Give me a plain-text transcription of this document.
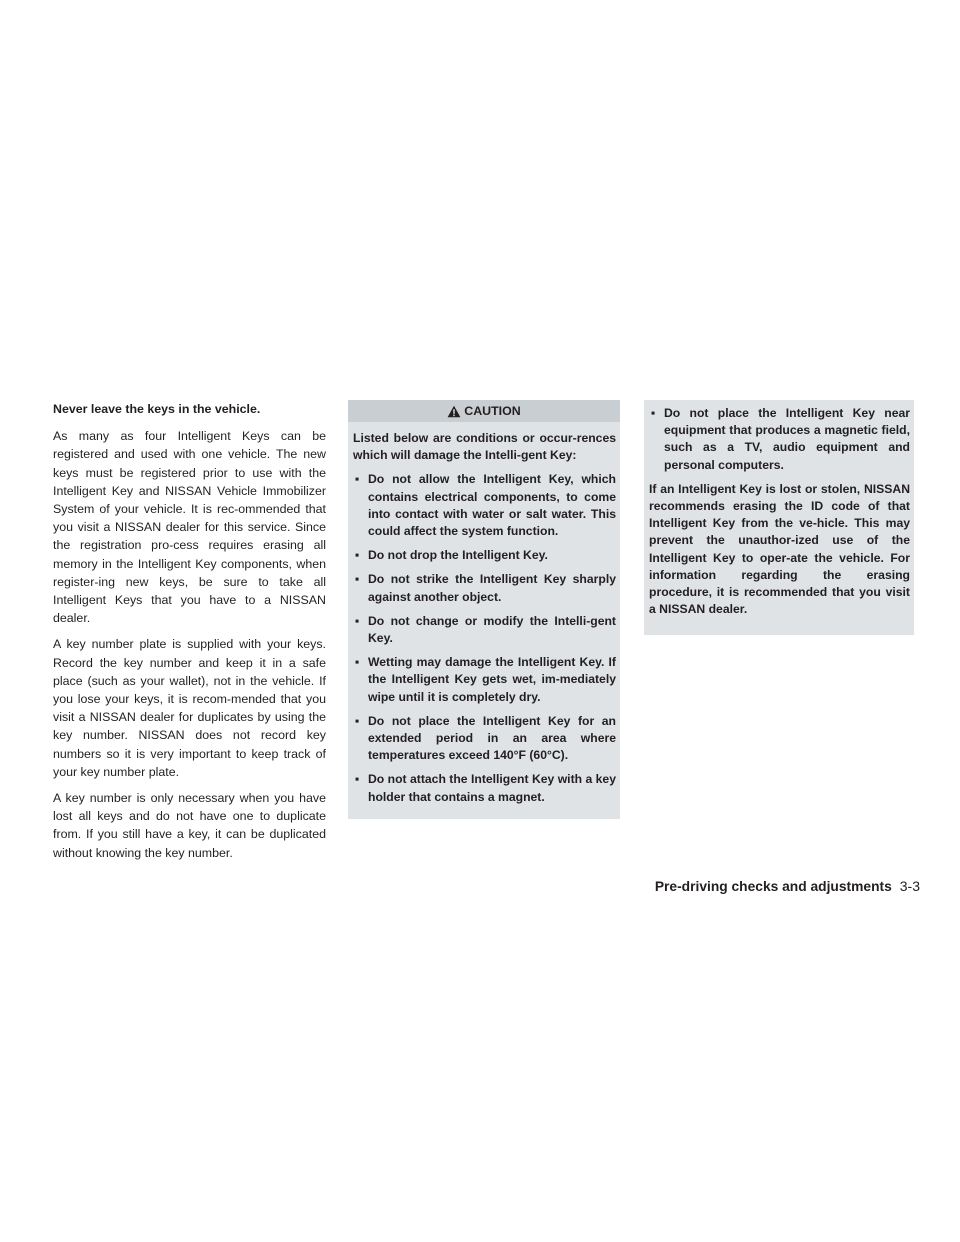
Never leave the keys in the vehicle.

As many as four Intelligent Keys can be registered and used with one vehicle. The new keys must be registered prior to use with the Intelligent Key and NISSAN Vehicle Immobilizer System of your vehicle. It is rec-ommended that you visit a NISSAN dealer for this service. Since the registration pro-cess requires erasing all memory in the Intelligent Key components, when register-ing new keys, be sure to take all Intelligent Keys that you have to a NISSAN dealer.

A key number plate is supplied with your keys. Record the key number and keep it in a safe place (such as your wallet), not in the vehicle. If you lose your keys, it is recom-mended that you visit a NISSAN dealer for duplicates by using the key number. NISSAN does not record key numbers so it is very important to keep track of your key number plate.

A key number is only necessary when you have lost all keys and do not have one to duplicate from. If you still have a key, it can be duplicated without knowing the key number.

CAUTION

Listed below are conditions or occur-rences which will damage the Intelli-gent Key:

▪ Do not allow the Intelligent Key, which contains electrical components, to come into contact with water or salt water. This could affect the system function.
▪ Do not drop the Intelligent Key.
▪ Do not strike the Intelligent Key sharply against another object.
▪ Do not change or modify the Intelli-gent Key.
▪ Wetting may damage the Intelligent Key. If the Intelligent Key gets wet, im-mediately wipe until it is completely dry.
▪ Do not place the Intelligent Key for an extended period in an area where temperatures exceed 140°F (60°C).
▪ Do not attach the Intelligent Key with a key holder that contains a magnet.
▪ Do not place the Intelligent Key near equipment that produces a magnetic field, such as a TV, audio equipment and personal computers.

If an Intelligent Key is lost or stolen, NISSAN recommends erasing the ID code of that Intelligent Key from the ve-hicle. This may prevent the unauthor-ized use of the Intelligent Key to oper-ate the vehicle. For information regarding the erasing procedure, it is recommended that you visit a NISSAN dealer.

Pre-driving checks and adjustments 3-3
